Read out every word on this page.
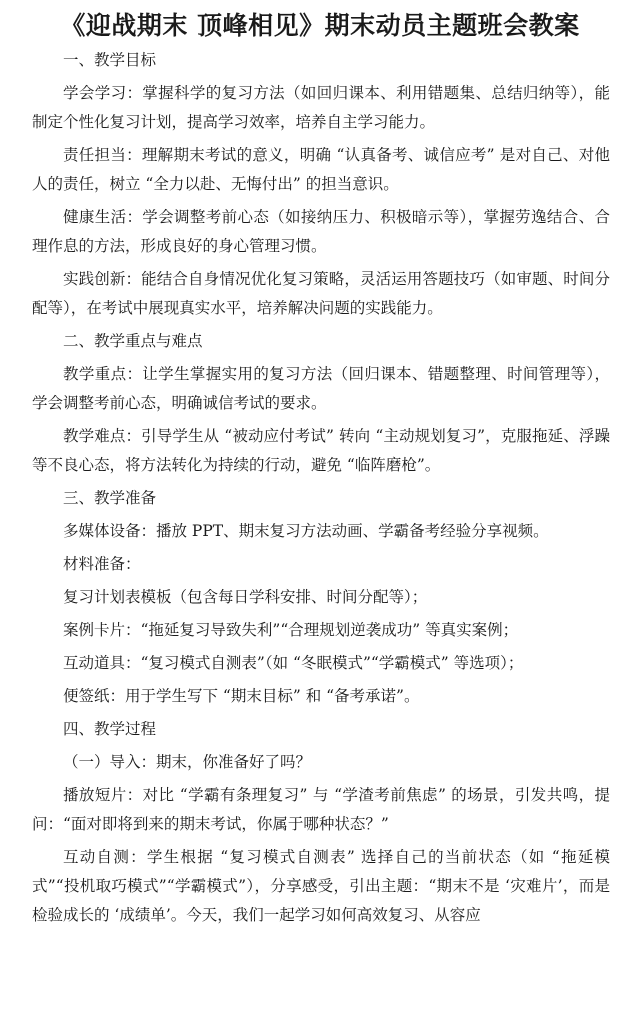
《迎战期末 顶峰相见》期末动员主题班会教案

一、教学目标

学会学习：掌握科学的复习方法（如回归课本、利用错题集、总结归纳等），能制定个性化复习计划，提高学习效率，培养自主学习能力。

责任担当：理解期末考试的意义，明确 “认真备考、诚信应考” 是对自己、对他人的责任，树立 “全力以赴、无悔付出” 的担当意识。

健康生活：学会调整考前心态（如接纳压力、积极暗示等），掌握劳逸结合、合理作息的方法，形成良好的身心管理习惯。

实践创新：能结合自身情况优化复习策略，灵活运用答题技巧（如审题、时间分配等），在考试中展现真实水平，培养解决问题的实践能力。

二、教学重点与难点

教学重点：让学生掌握实用的复习方法（回归课本、错题整理、时间管理等），学会调整考前心态，明确诚信考试的要求。

教学难点：引导学生从 “被动应付考试” 转向 “主动规划复习”，克服拖延、浮躁等不良心态，将方法转化为持续的行动，避免 “临阵磨枪”。

三、教学准备

多媒体设备：播放 PPT、期末复习方法动画、学霸备考经验分享视频。

材料准备：

复习计划表模板（包含每日学科安排、时间分配等）；

案例卡片：“拖延复习导致失利”“合理规划逆袭成功” 等真实案例；

互动道具：“复习模式自测表”（如 “冬眠模式”“学霸模式” 等选项）；

便签纸：用于学生写下 “期末目标” 和 “备考承诺”。

四、教学过程

（一）导入：期末，你准备好了吗？

播放短片：对比 “学霸有条理复习” 与 “学渣考前焦虑” 的场景，引发共鸣，提问：“面对即将到来的期末考试，你属于哪种状态？”

互动自测：学生根据 “复习模式自测表” 选择自己的当前状态（如 “拖延模式”“投机取巧模式”“学霸模式”），分享感受，引出主题：“期末不是 ‘灾难片’，而是检验成长的 ‘成绩单’。今天，我们一起学习如何高效复习、从容应
